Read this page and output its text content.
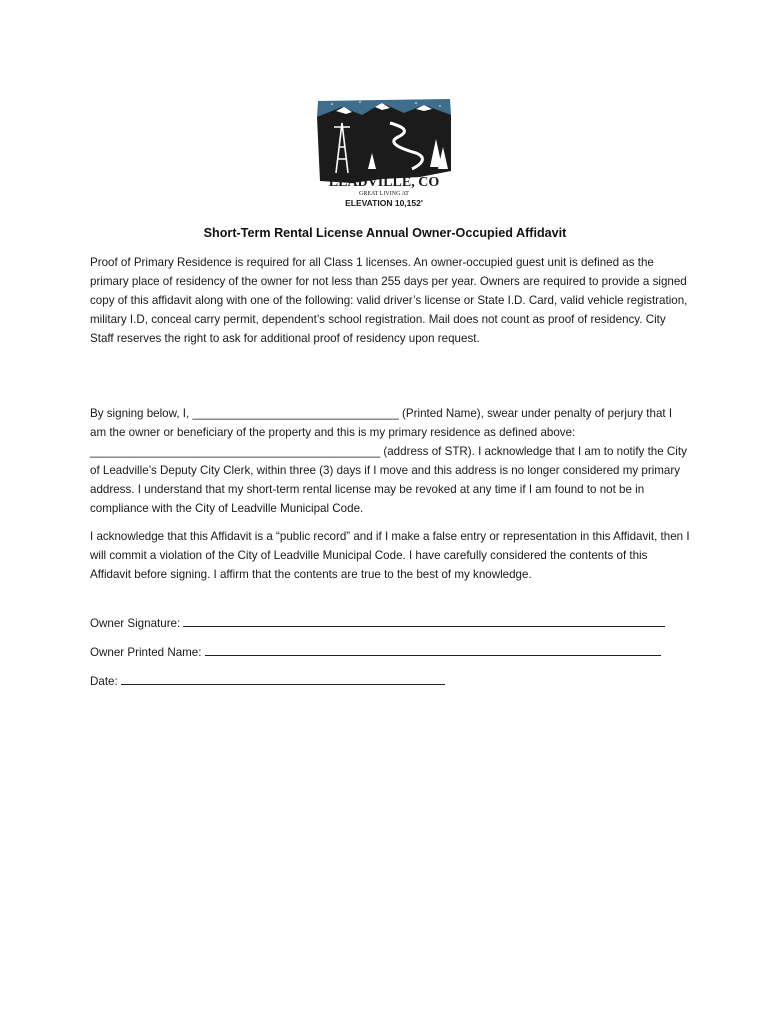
LEADVILLE, CO
GREAT LIVING AT
ELEVATION 10,152'
Short-Term Rental License Annual Owner-Occupied Affidavit
Proof of Primary Residence is required for all Class 1 licenses. An owner-occupied guest unit is defined as the primary place of residency of the owner for not less than 255 days per year. Owners are required to provide a signed copy of this affidavit along with one of the following: valid driver’s license or State I.D. Card, valid vehicle registration, military I.D, conceal carry permit, dependent’s school registration. Mail does not count as proof of residency. City Staff reserves the right to ask for additional proof of residency upon request.
By signing below, I, ________________________________ (Printed Name), swear under penalty of perjury that I am the owner or beneficiary of the property and this is my primary residence as defined above: _____________________________________________ (address of STR). I acknowledge that I am to notify the City of Leadville’s Deputy City Clerk, within three (3) days if I move and this address is no longer considered my primary address. I understand that my short-term rental license may be revoked at any time if I am found to not be in compliance with the City of Leadville Municipal Code.
I acknowledge that this Affidavit is a “public record” and if I make a false entry or representation in this Affidavit, then I will commit a violation of the City of Leadville Municipal Code. I have carefully considered the contents of this Affidavit before signing. I affirm that the contents are true to the best of my knowledge.
Owner Signature:
Owner Printed Name:
Date:
